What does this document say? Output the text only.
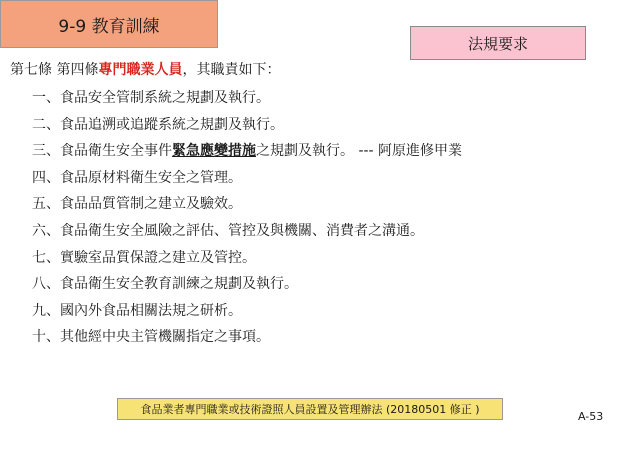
9-9 教育訓練
法規要求
第七條 第四條專門職業人員，其職責如下：
一、食品安全管制系統之規劃及執行。
二、食品追溯或追蹤系統之規劃及執行。
三、食品衛生安全事件緊急應變措施之規劃及執行。 --- 阿原進修甲業
四、食品原材料衛生安全之管理。
五、食品品質管制之建立及驗效。
六、食品衛生安全風險之評估、管控及與機關、消費者之溝通。
七、實驗室品質保證之建立及管控。
八、食品衛生安全教育訓練之規劃及執行。
九、國內外食品相關法規之研析。
十、其他經中央主管機關指定之事項。
食品業者專門職業或技術證照人員設置及管理辦法 (20180501 修正 )
A-53
